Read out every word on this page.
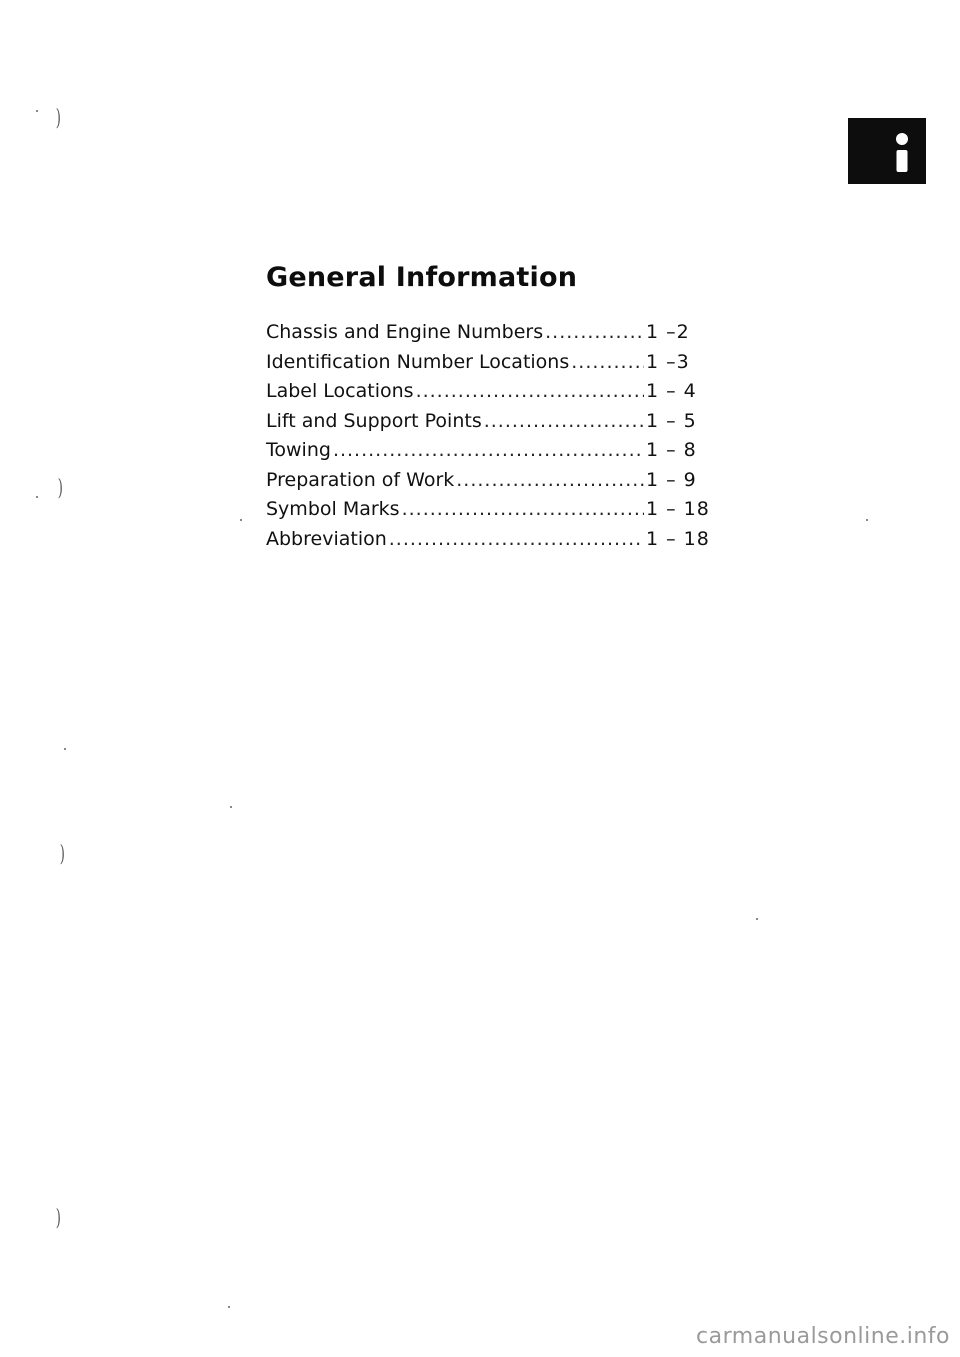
General Information
Chassis and Engine Numbers .....	1 –2
Identification Number Locations .....	1 –3
Label Locations .....	1 – 4
Lift and Support Points .....	1 – 5
Towing .....	1 – 8
Preparation of Work .....	1 – 9
Symbol Marks .....	1 – 18
Abbreviation .....	1 – 18
)
)
)
)
carmanualsonline.info
